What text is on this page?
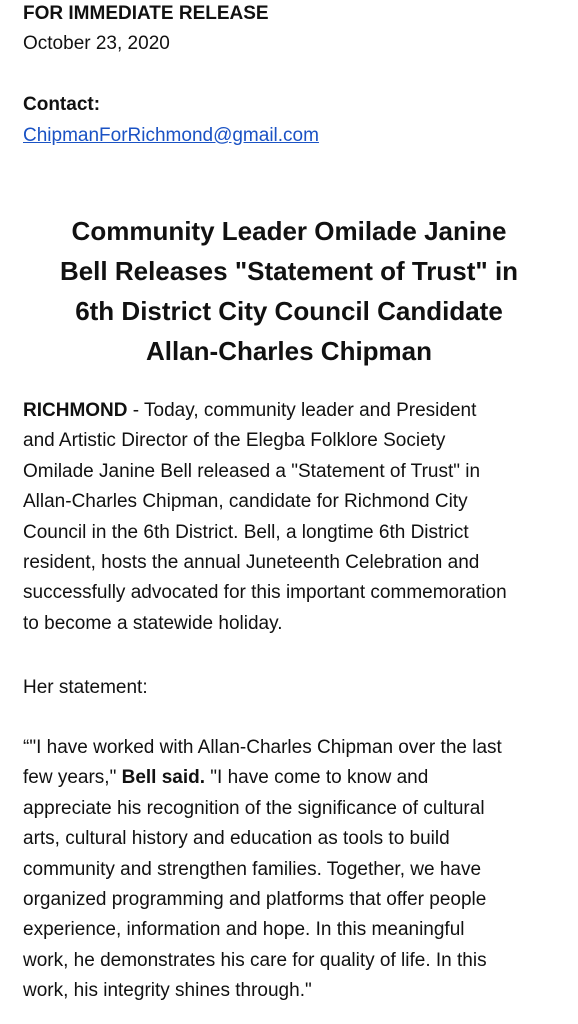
FOR IMMEDIATE RELEASE
October 23, 2020
Contact:
ChipmanForRichmond@gmail.com
Community Leader Omilade Janine
Bell Releases "Statement of Trust" in
6th District City Council Candidate
Allan-Charles Chipman
RICHMOND - Today, community leader and President
and Artistic Director of the Elegba Folklore Society
Omilade Janine Bell released a "Statement of Trust" in
Allan-Charles Chipman, candidate for Richmond City
Council in the 6th District. Bell, a longtime 6th District
resident, hosts the annual Juneteenth Celebration and
successfully advocated for this important commemoration
to become a statewide holiday.
Her statement:
“"I have worked with Allan-Charles Chipman over the last
few years," Bell said. "I have come to know and
appreciate his recognition of the significance of cultural
arts, cultural history and education as tools to build
community and strengthen families. Together, we have
organized programming and platforms that offer people
experience, information and hope. In this meaningful
work, he demonstrates his care for quality of life. In this
work, his integrity shines through."
